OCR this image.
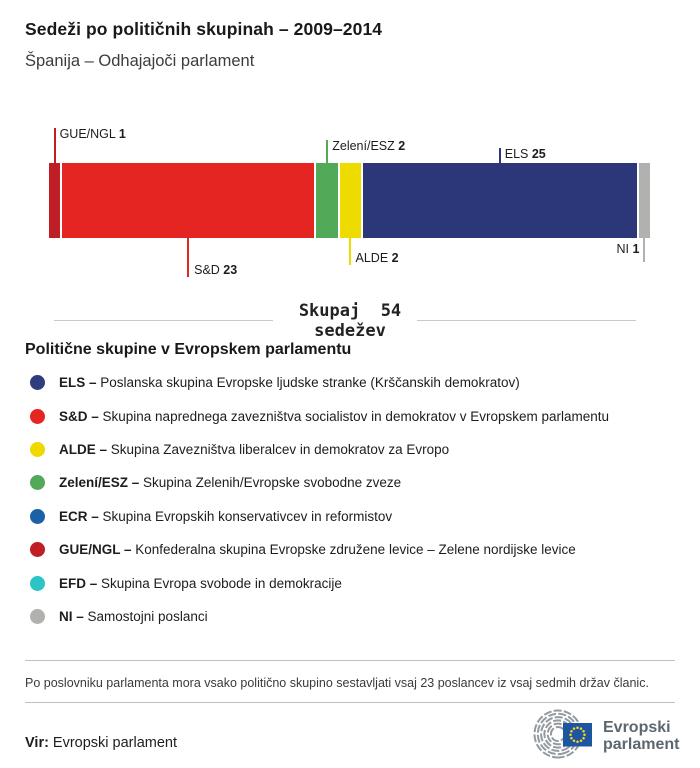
Sedeži po političnih skupinah – 2009–2014
Španija – Odhajajoči parlament
Skupaj  54
sedežev
GUE/NGL 1
S&D 23
Zelení/ESZ 2
ALDE 2
ELS 25
NI 1
Politične skupine v Evropskem parlamentu
ELS – Poslanska skupina Evropske ljudske stranke (Krščanskih demokratov)
S&D – Skupina naprednega zavezništva socialistov in demokratov v Evropskem parlamentu
ALDE – Skupina Zavezništva liberalcev in demokratov za Evropo
Zelení/ESZ – Skupina Zelenih/Evropske svobodne zveze
ECR – Skupina Evropskih konservativcev in reformistov
GUE/NGL – Konfederalna skupina Evropske združene levice – Zelene nordijske levice
EFD – Skupina Evropa svobode in demokracije
NI – Samostojni poslanci
Po poslovniku parlamenta mora vsako politično skupino sestavljati vsaj 23 poslancev iz vsaj sedmih držav članic.
Vir: Evropski parlament
Evropski
parlament
